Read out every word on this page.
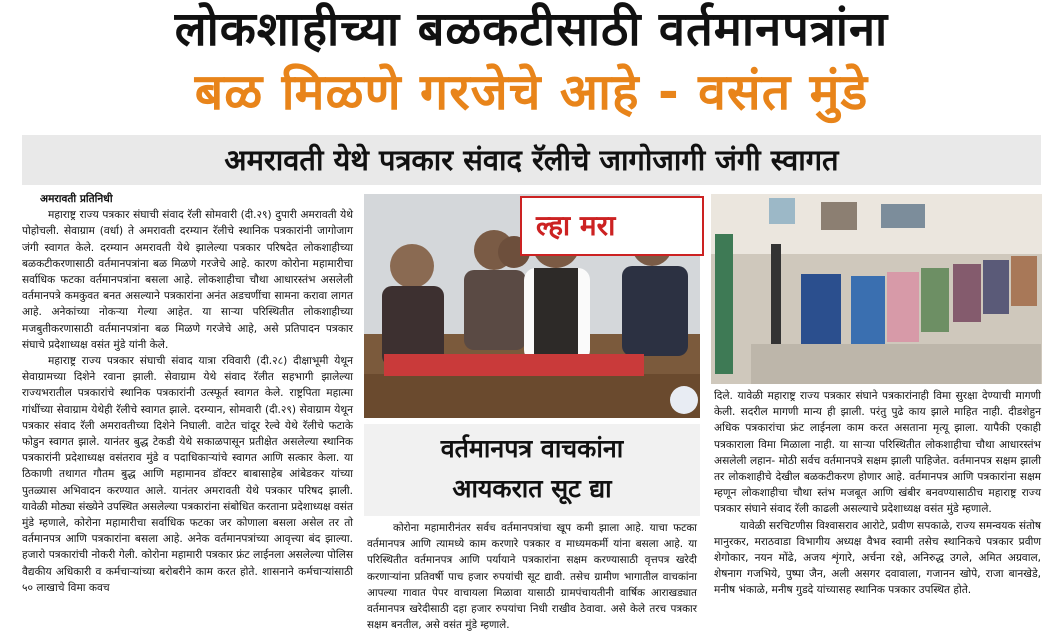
लोकशाहीच्या बळकटीसाठी वर्तमानपत्रांना
बळ मिळणे गरजेचे आहे - वसंत मुंडे
अमरावती येथे पत्रकार संवाद रॅलीचे जागोजागी जंगी स्वागत
अमरावती प्रतिनिधी

महाराष्ट्र राज्य पत्रकार संघाची संवाद रॅली सोमवारी (दी.२९) दुपारी अमरावती येथे पोहोचली. सेवाग्राम (वर्धा) ते अमरावती दरम्यान रॅलीचे स्थानिक पत्रकारांनी जागोजाग जंगी स्वागत केले. दरम्यान अमरावती येथे झालेल्या पत्रकार परिषदेत लोकशाहीच्या बळकटीकरणासाठी वर्तमानपत्रांना बळ मिळणे गरजेचे आहे. कारण कोरोना महामारीचा सर्वाधिक फटका वर्तमानपत्रांना बसला आहे. लोकशाहीचा चौथा आधारस्तंभ असलेली वर्तमानपत्रे कमकुवत बनत असल्याने पत्रकारांना अनंत अडचणींचा सामना करावा लागत आहे. अनेकांच्या नोकऱ्या गेल्या आहेत. या साऱ्या परिस्थितीत लोकशाहीच्या मजबुतीकरणासाठी वर्तमानपत्रांना बळ मिळणे गरजेचे आहे, असे प्रतिपादन पत्रकार संघाचे प्रदेशाध्यक्ष वसंत मुंडे यांनी केले.

महाराष्ट्र राज्य पत्रकार संघाची संवाद यात्रा रविवारी (दी.२८) दीक्षाभूमी येथून सेवाग्रामच्या दिशेने रवाना झाली. सेवाग्राम येथे संवाद रॅलीत सहभागी झालेल्या राज्यभरातील पत्रकारांचे स्थानिक पत्रकारांनी उत्स्फूर्त स्वागत केले. राष्ट्रपिता महात्मा गांधींच्या सेवाग्राम येथेही रॅलीचे स्वागत झाले. दरम्यान, सोमवारी (दी.२९) सेवाग्राम येथून पत्रकार संवाद रॅली अमरावतीच्या दिशेने निघाली. वाटेत चांदूर रेल्वे येथे रॅलीचे फटाके फोडुन स्वागत झाले. यानंतर बुद्ध टेकडी येथे सकाळपासून प्रतीक्षेत असलेल्या स्थानिक पत्रकारांनी प्रदेशाध्यक्ष वसंतराव मुंडे व पदाधिकाऱ्यांचे स्वागत आणि सत्कार केला. या ठिकाणी तथागत गौतम बुद्ध आणि महामानव डॉक्टर बाबासाहेब आंबेडकर यांच्या पुतळ्यास अभिवादन करण्यात आले. यानंतर अमरावती येथे पत्रकार परिषद झाली. यावेळी मोठ्या संख्येने उपस्थित असलेल्या पत्रकारांना संबोधित करताना प्रदेशाध्यक्ष वसंत मुंडे म्हणाले, कोरोना महामारीचा सर्वाधिक फटका जर कोणाला बसला असेल तर तो वर्तमानपत्र आणि पत्रकारांना बसला आहे. अनेक वर्तमानपत्रांच्या आवृत्त्या बंद झाल्या. हजारो पत्रकारांची नोकरी गेली. कोरोना महामारी पत्रकार फ्रंट लाईनला असलेल्या पोलिस वैद्यकीय अधिकारी व कर्मचाऱ्यांच्या बरोबरीने काम करत होते. शासनाने कर्मचाऱ्यांसाठी ५० लाखाचे विमा कवच

ल्हा मरा
वर्तमानपत्र वाचकांना
आयकरात सूट द्या

कोरोना महामारीनंतर सर्वच वर्तमानपत्रांचा खूप कमी झाला आहे. याचा फटका वर्तमानपत्र आणि त्यामध्ये काम करणारे पत्रकार व माध्यमकर्मी यांना बसला आहे. या परिस्थितीत वर्तमानपत्र आणि पर्यायाने पत्रकारांना सक्षम करण्यासाठी वृत्तपत्र खरेदी करणाऱ्यांना प्रतिवर्षी पाच हजार रुपयांची सूट द्यावी. तसेच ग्रामीण भागातील वाचकांना आपल्या गावात पेपर वाचायला मिळावा यासाठी ग्रामपंचायतीनी वार्षिक आराखड्यात वर्तमानपत्र खरेदीसाठी दहा हजार रुपयांचा निधी राखीव ठेवावा. असे केले तरच पत्रकार सक्षम बनतील, असे वसंत मुंडे म्हणाले.

दिले. यावेळी महाराष्ट्र राज्य पत्रकार संघाने पत्रकारांनाही विमा सुरक्षा देण्याची मागणी केली. सदरील मागणी मान्य ही झाली. परंतु पुढे काय झाले माहित नाही. दीडशेहुन अधिक पत्रकारांचा फ्रंट लाईनला काम करत असताना मृत्यू झाला. यापैकी एकाही पत्रकाराला विमा मिळाला नाही. या साऱ्या परिस्थितीत लोकशाहीचा चौथा आधारस्तंभ असलेली लहान- मोठी सर्वच वर्तमानपत्रे सक्षम झाली पाहिजेत. वर्तमानपत्र सक्षम झाली तर लोकशाहीचे देखील बळकटीकरण होणार आहे. वर्तमानपत्र आणि पत्रकारांना सक्षम म्हणून लोकशाहीचा चौथा स्तंभ मजबूत आणि खंबीर बनवण्यासाठीच महाराष्ट्र राज्य पत्रकार संघाने संवाद रॅली काढली असल्याचे प्रदेशाध्यक्ष वसंत मुंडे म्हणाले.

यावेळी सरचिटणीस विश्वासराव आरोटे, प्रवीण सपकाळे, राज्य समन्वयक संतोष मानुरकर, मराठवाडा विभागीय अध्यक्ष वैभव स्वामी तसेच स्थानिकचे पत्रकार प्रवीण शेगोकार, नयन मोंढे, अजय शृंगारे, अर्चना रक्षे, अनिरुद्ध उगले, अमित अग्रवाल, शेषनाग गजभिये, पुष्पा जैन, अली असगर दवावाला, गजानन खोपे, राजा बानखेडे, मनीष भंकाळे, मनीष गुडदे यांच्यासह स्थानिक पत्रकार उपस्थित होते.
